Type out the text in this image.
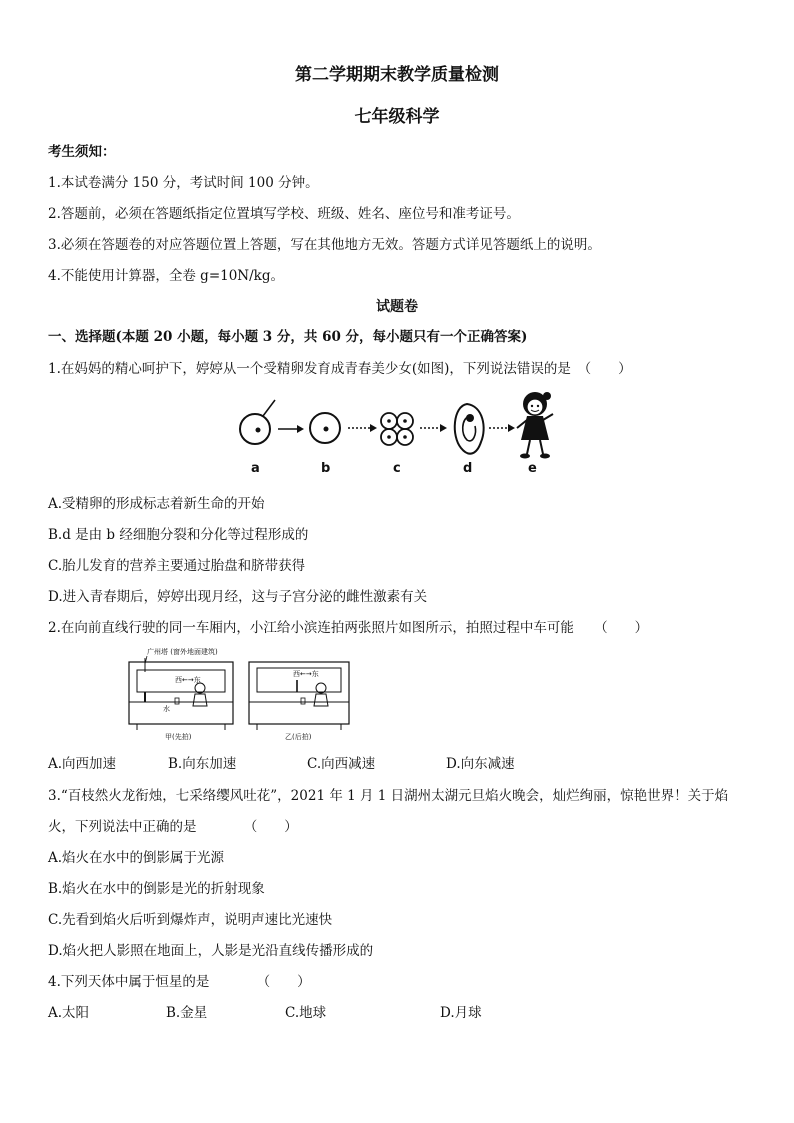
第二学期期末教学质量检测
七年级科学
考生须知：
1.本试卷满分 150 分，考试时间 100 分钟。
2.答题前，必须在答题纸指定位置填写学校、班级、姓名、座位号和准考证号。
3.必须在答题卷的对应答题位置上答题，写在其他地方无效。答题方式详见答题纸上的说明。
4.不能使用计算器，全卷 g=10N/kg。
试题卷
一、选择题(本题 20 小题，每小题 3 分，共 60 分，每小题只有一个正确答案)
1.在妈妈的精心呵护下，婷婷从一个受精卵发育成青春美少女(如图)，下列说法错误的是　（　　）
a	b	c	d	e
A.受精卵的形成标志着新生命的开始
B.d 是由 b 经细胞分裂和分化等过程形成的
C.胎儿发育的营养主要通过胎盘和脐带获得
D.进入青春期后，婷婷出现月经，这与子宫分泌的雌性激素有关
2.在向前直线行驶的同一车厢内，小江给小滨连拍两张照片如图所示，拍照过程中车可能　　（　　）
广州塔 (窗外地面建筑)
西←→东
水
甲(先拍)
西←→东
乙(后拍)
A.向西加速	B.向东加速	C.向西减速	D.向东减速
3.“百枝然火龙衔烛，七采络缨风吐花”，2021 年 1 月 1 日湖州太湖元旦焰火晚会，灿烂绚丽，惊艳世界！关于焰
火，下列说法中正确的是　　　　（　　）
A.焰火在水中的倒影属于光源
B.焰火在水中的倒影是光的折射现象
C.先看到焰火后听到爆炸声，说明声速比光速快
D.焰火把人影照在地面上，人影是光沿直线传播形成的
4.下列天体中属于恒星的是　　　　（　　）
A.太阳	B.金星	C.地球	D.月球
